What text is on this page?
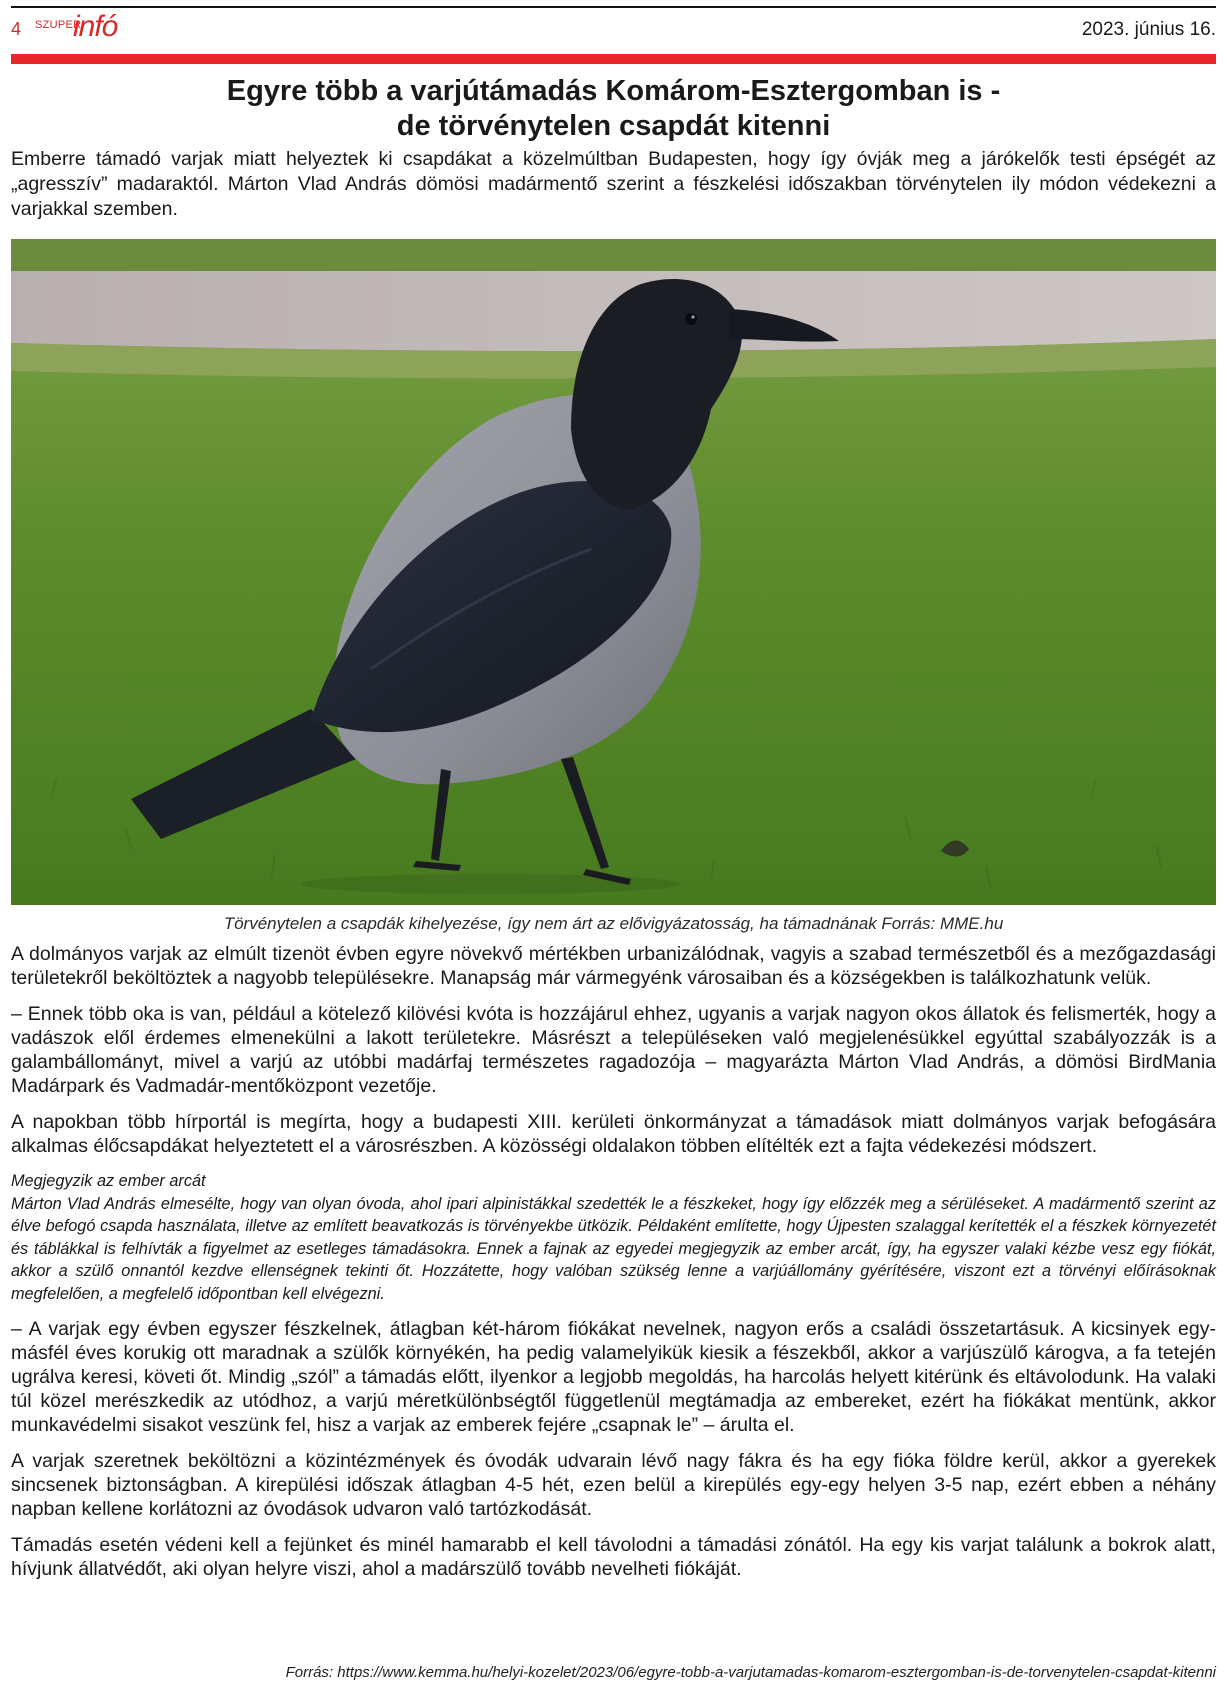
4 SZUPER
infó	2023. június 16.
Egyre több a varjútámadás Komárom-Esztergomban is -
de törvénytelen csapdát kitenni

Emberre támadó varjak miatt helyeztek ki csapdákat a közelmúltban Budapesten, hogy így óvják meg a járókelők testi épségét az „agresszív” madaraktól. Márton Vlad András dömösi madármentő szerint a fészkelési időszakban törvénytelen ily módon védekezni a varjakkal szemben.

Törvénytelen a csapdák kihelyezése, így nem árt az elővigyázatosság, ha támadnának Forrás: MME.hu

A dolmányos varjak az elmúlt tizenöt évben egyre növekvő mértékben urbanizálódnak, vagyis a szabad természetből és a mezőgazdasági területekről beköltöztek a nagyobb településekre. Manapság már vármegyénk városaiban és a községekben is találkozhatunk velük.

– Ennek több oka is van, például a kötelező kilövési kvóta is hozzájárul ehhez, ugyanis a varjak nagyon okos állatok és felismerték, hogy a vadászok elől érdemes elmenekülni a lakott területekre. Másrészt a településeken való megjelenésükkel egyúttal szabályozzák is a galambállományt, mivel a varjú az utóbbi madárfaj természetes ragadozója – magyarázta Márton Vlad András, a dömösi BirdMania Madárpark és Vadmadár-mentőközpont vezetője.

A napokban több hírportál is megírta, hogy a budapesti XIII. kerületi önkormányzat a támadások miatt dolmányos varjak befogására alkalmas élőcsapdákat helyeztetett el a városrészben. A közösségi oldalakon többen elítélték ezt a fajta védekezési módszert.

Megjegyzik az ember arcát
Márton Vlad András elmesélte, hogy van olyan óvoda, ahol ipari alpinistákkal szedették le a fészkeket, hogy így előzzék meg a sérüléseket. A madármentő szerint az élve befogó csapda használata, illetve az említett beavatkozás is törvényekbe ütközik. Példaként említette, hogy Újpesten szalaggal kerítették el a fészkek környezetét és táblákkal is felhívták a figyelmet az esetleges támadásokra. Ennek a fajnak az egyedei megjegyzik az ember arcát, így, ha egyszer valaki kézbe vesz egy fiókát, akkor a szülő onnantól kezdve ellenségnek tekinti őt. Hozzátette, hogy valóban szükség lenne a varjúállomány gyérítésére, viszont ezt a törvényi előírásoknak megfelelően, a megfelelő időpontban kell elvégezni.

– A varjak egy évben egyszer fészkelnek, átlagban két-három fiókákat nevelnek, nagyon erős a családi összetartásuk. A kicsinyek egy-másfél éves korukig ott maradnak a szülők környékén, ha pedig valamelyikük kiesik a fészekből, akkor a varjúszülő károgva, a fa tetején ugrálva keresi, követi őt. Mindig „szól” a támadás előtt, ilyenkor a legjobb megoldás, ha harcolás helyett kitérünk és eltávolodunk. Ha valaki túl közel merészkedik az utódhoz, a varjú méretkülönbségtől függetlenül megtámadja az embereket, ezért ha fiókákat mentünk, akkor munkavédelmi sisakot veszünk fel, hisz a varjak az emberek fejére „csapnak le” – árulta el.

A varjak szeretnek beköltözni a közintézmények és óvodák udvarain lévő nagy fákra és ha egy fióka földre kerül, akkor a gyerekek sincsenek biztonságban. A kirepülési időszak átlagban 4-5 hét, ezen belül a kirepülés egy-egy helyen 3-5 nap, ezért ebben a néhány napban kellene korlátozni az óvodások udvaron való tartózkodását.

Támadás esetén védeni kell a fejünket és minél hamarabb el kell távolodni a támadási zónától. Ha egy kis varjat találunk a bokrok alatt, hívjunk állatvédőt, aki olyan helyre viszi, ahol a madárszülő tovább nevelheti fiókáját.

Forrás: https://www.kemma.hu/helyi-kozelet/2023/06/egyre-tobb-a-varjutamadas-komarom-esztergomban-is-de-torvenytelen-csapdat-kitenni
